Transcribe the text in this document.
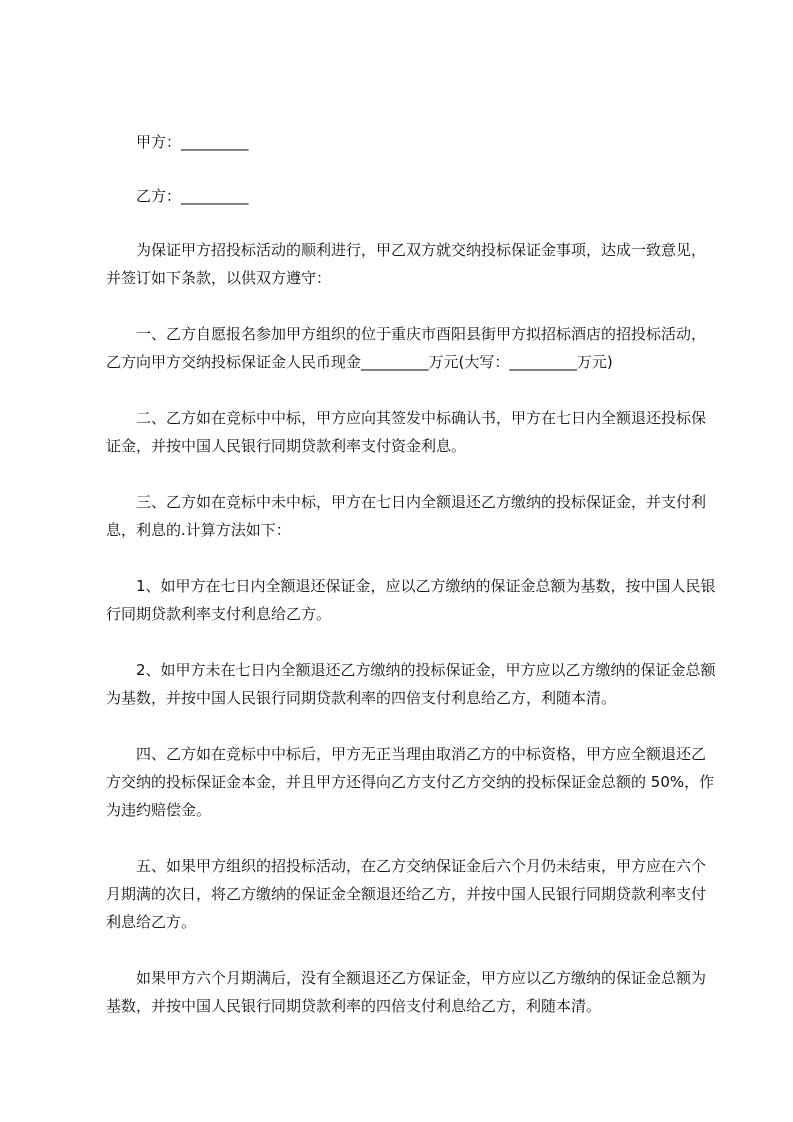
甲方：_________

乙方：_________

为保证甲方招投标活动的顺利进行，甲乙双方就交纳投标保证金事项，达成一致意见，并签订如下条款，以供双方遵守：

一、乙方自愿报名参加甲方组织的位于重庆市酉阳县街甲方拟招标酒店的招投标活动，乙方向甲方交纳投标保证金人民币现金_________万元(大写：_________万元)

二、乙方如在竞标中中标，甲方应向其签发中标确认书，甲方在七日内全额退还投标保证金，并按中国人民银行同期贷款利率支付资金利息。

三、乙方如在竞标中未中标，甲方在七日内全额退还乙方缴纳的投标保证金，并支付利息，利息的.计算方法如下：

1、如甲方在七日内全额退还保证金，应以乙方缴纳的保证金总额为基数，按中国人民银行同期贷款利率支付利息给乙方。

2、如甲方未在七日内全额退还乙方缴纳的投标保证金，甲方应以乙方缴纳的保证金总额为基数，并按中国人民银行同期贷款利率的四倍支付利息给乙方，利随本清。

四、乙方如在竞标中中标后，甲方无正当理由取消乙方的中标资格，甲方应全额退还乙方交纳的投标保证金本金，并且甲方还得向乙方支付乙方交纳的投标保证金总额的 50%，作为违约赔偿金。

五、如果甲方组织的招投标活动，在乙方交纳保证金后六个月仍未结束，甲方应在六个月期满的次日，将乙方缴纳的保证金全额退还给乙方，并按中国人民银行同期贷款利率支付利息给乙方。

如果甲方六个月期满后，没有全额退还乙方保证金，甲方应以乙方缴纳的保证金总额为基数，并按中国人民银行同期贷款利率的四倍支付利息给乙方，利随本清。
